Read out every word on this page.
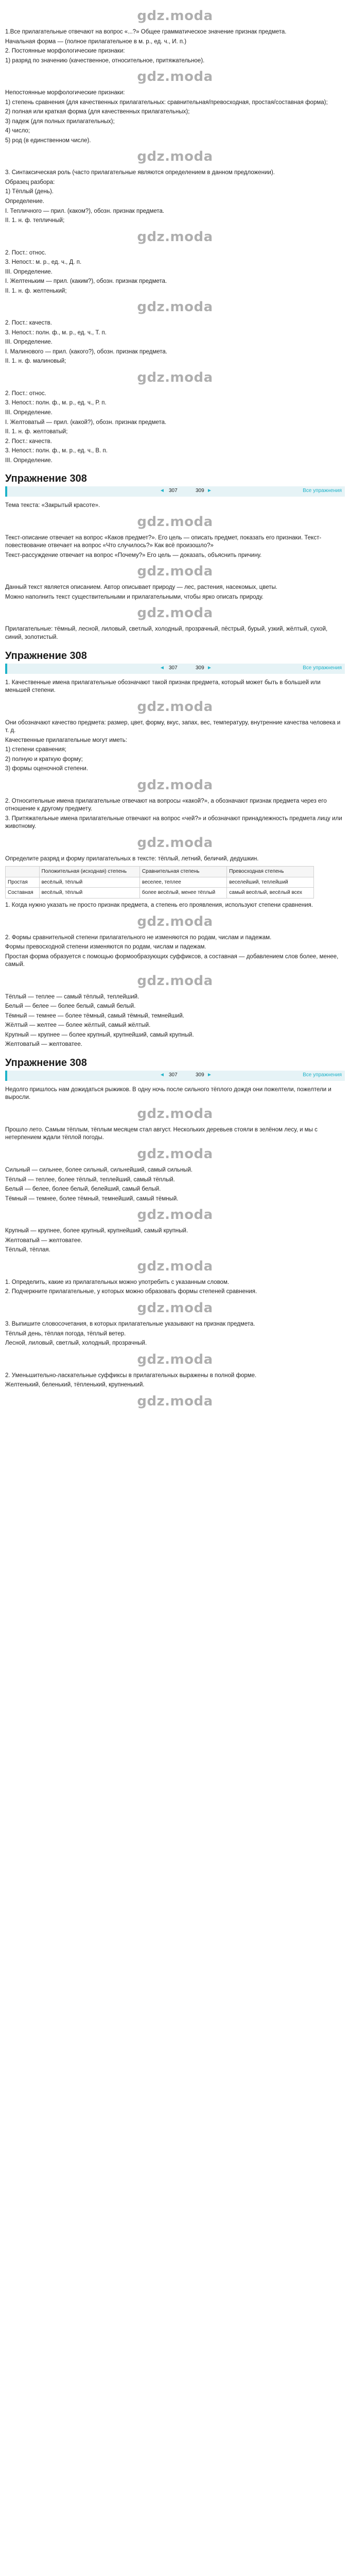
gdz.moda

1.Все прилагательные отвечают на вопрос «...?» Общее грамматическое значение признак предмета.

Начальная форма — (полное прилагательное в м. р., ед. ч., И. п.)

2. Постоянные морфологические признаки:

1) разряд по значению (качественное, относительное, притяжательное).

gdz.moda

Непостоянные морфологические признаки:

1) степень сравнения (для качественных прилагательных: сравнительная/превосходная, простая/составная форма);

2) полная или краткая форма (для качественных прилагательных);

3) падеж (для полных прилагательных);

4) число;

5) род (в единственном числе).

gdz.moda

3. Синтаксическая роль (часто прилагательные являются определением в данном предложении).

Образец разбора:

1) Тёплый (день).

Определение.

I. Тепличного — прил. (каком?), обозн. признак предмета.

II. 1. н. ф. тепличный;

gdz.moda

2. Пост.: относ.

3. Непост.: м. р., ед. ч., Д. п.

III. Определение.

I. Желтеньким — прил. (каким?), обозн. признак предмета.

II. 1. н. ф. желтенький;

gdz.moda

2. Пост.: качеств.

3. Непост.: полн. ф., м. р., ед. ч., Т. п.

III. Определение.

I. Малинового — прил. (какого?), обозн. признак предмета.

II. 1. н. ф. малиновый;

gdz.moda

2. Пост.: относ.

3. Непост.: полн. ф., м. р., ед. ч., Р. п.

III. Определение.

I. Желтоватый — прил. (какой?), обозн. признак предмета.

II. 1. н. ф. желтоватый;

2. Пост.: качеств.

3. Непост.: полн. ф., м. р., ед. ч., В. п.

III. Определение.

Упражнение 308
◄ 307	309 ►	Все упражнения

Тема текста: «Закрытый красоте».

gdz.moda

Текст-описание отвечает на вопрос «Каков предмет?». Его цель — описать предмет, показать его признаки. Текст-повествование отвечает на вопрос «Что случилось?» Как всё произошло?»

Текст-рассуждение отвечает на вопрос «Почему?» Его цель — доказать, объяснить причину.

gdz.moda

Данный текст является описанием. Автор описывает природу — лес, растения, насекомых, цветы.

Можно наполнить текст существительными и прилагательными, чтобы ярко описать природу.

gdz.moda

Прилагательные: тёмный, лесной, лиловый, светлый, холодный, прозрачный, пёстрый, бурый, узкий, жёлтый, сухой, синий, золотистый.

Упражнение 308
◄ 307	309 ►	Все упражнения

1. Качественные имена прилагательные обозначают такой признак предмета, который может быть в большей или меньшей степени.

gdz.moda

Они обозначают качество предмета: размер, цвет, форму, вкус, запах, вес, температуру, внутренние качества человека и т. д.

Качественные прилагательные могут иметь:

1) степени сравнения;

2) полную и краткую форму;

3) формы оценочной степени.

gdz.moda

2. Относительные имена прилагательные отвечают на вопросы «какой?», а обозначают признак предмета через его отношение к другому предмету.

3. Притяжательные имена прилагательные отвечают на вопрос «чей?» и обозначают принадлежность предмета лицу или животному.

gdz.moda

Определите разряд и форму прилагательных в тексте: тёплый, летний, беличий, дедушкин.

	Положительная (исходная) степень	Сравнительная степень	Превосходная степень
Простая	весёлый, тёплый	веселее, теплее	веселейший, теплейший
Составная	весёлый, тёплый	более весёлый, менее тёплый	самый весёлый, весёлый всех

1. Когда нужно указать не просто признак предмета, а степень его проявления, используют степени сравнения.

gdz.moda

2. Формы сравнительной степени прилагательного не изменяются по родам, числам и падежам.

Формы превосходной степени изменяются по родам, числам и падежам.

Простая форма образуется с помощью формообразующих суффиксов, а составная — добавлением слов более, менее, самый.

gdz.moda

Тёплый — теплее — самый тёплый, теплейший.

Белый — белее — более белый, самый белый.

Тёмный — темнее — более тёмный, самый тёмный, темнейший.

Жёлтый — желтее — более жёлтый, самый жёлтый.

Крупный — крупнее — более крупный, крупнейший, самый крупный.

Желтоватый — желтоватее.

Упражнение 308
◄ 307	309 ►	Все упражнения

Недолго пришлось нам дожидаться рыжиков. В одну ночь после сильного тёплого дождя они пожелтели, пожелтели и выросли.

gdz.moda

Прошло лето. Самым тёплым, тёплым месяцем стал август. Нескольких деревьев стояли в зелёном лесу, и мы с нетерпением ждали тёплой погоды.

gdz.moda

Сильный — сильнее, более сильный, сильнейший, самый сильный.

Тёплый — теплее, более тёплый, теплейший, самый тёплый.

Белый — белее, более белый, белейший, самый белый.

Тёмный — темнее, более тёмный, темнейший, самый тёмный.

gdz.moda

Крупный — крупнее, более крупный, крупнейший, самый крупный.

Желтоватый — желтоватее.

Тёплый, тёплая.

gdz.moda

1. Определить, какие из прилагательных можно употребить с указанным словом.

2. Подчеркните прилагательные, у которых можно образовать формы степеней сравнения.

gdz.moda

3. Выпишите словосочетания, в которых прилагательные указывают на признак предмета.

Тёплый день, тёплая погода, тёплый ветер.

Лесной, лиловый, светлый, холодный, прозрачный.

gdz.moda

2. Уменьшительно-ласкательные суффиксы в прилагательных выражены в полной форме.

Желтенький, беленький, тёпленький, крупненький.

gdz.moda
